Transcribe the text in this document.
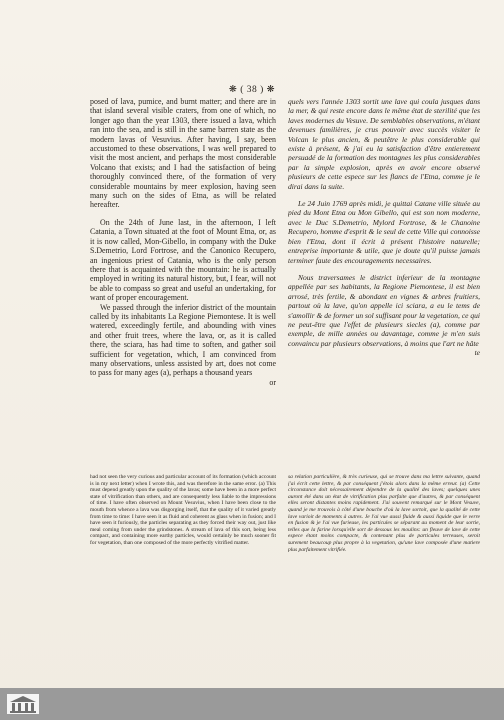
❋ ( 38 ) ❋

posed of lava, pumice, and burnt matter; and there are in that island several visible craters, from one of which, no longer ago than the year 1303, there issued a lava, which ran into the sea, and is still in the same barren state as the modern lavas of Vesuvius. After having, I say, been accustomed to these observations, I was well prepared to visit the most ancient, and perhaps the most considerable Volcano that exists; and I had the satisfaction of being thoroughly convinced there, of the formation of very considerable mountains by meer explosion, having seen many such on the sides of Etna, as will be related hereafter.

On the 24th of June last, in the afternoon, I left Catania, a Town situated at the foot of Mount Etna, or, as it is now called, Mon-Gibello, in company with the Duke S.Demetrio, Lord Fortrose, and the Canonico Recupero, an ingenious priest of Catania, who is the only person there that is acquainted with the mountain: he is actually employed in writing its natural history, but, I fear, will not be able to compass so great and useful an undertaking, for want of proper encouragement.

We passed through the inferior district of the mountain called by its inhabitants La Regione Piemontese. It is well watered, exceedingly fertile, and abounding with vines and other fruit trees, where the lava, or, as it is called there, the sciara, has had time to soften, and gather soil sufficient for vegetation, which, I am convinced from many observations, unless assisted by art, does not come to pass for many ages (a), perhaps a thousand years

or

quels vers l'année 1303 sortit une lave qui coula jusques dans la mer, & qui reste encore dans le même état de sterilité que les laves modernes du Vesuve. De semblables observations, m'étant devenues familières, je crus pouvoir avec succès visiter le Volcan le plus ancien, & peutêtre le plus considerable qui existe à présent, & j'ai eu la satisfaction d'être entierement persuadé de la formation des montagnes les plus considerables par la simple explosion, après en avoir encore observé plusieurs de cette espece sur les flancs de l'Etna, comme je le dirai dans la suite.

Le 24 Juin 1769 après midi, je quittai Catane ville située au pied du Mont Etna ou Mon Gibello, qui est son nom moderne, avec le Duc S.Demetrio, Mylord Fortrose, & le Chanoine Recupero, homme d'esprit & le seul de cette Ville qui connoisse bien l'Etna, dont il écrit à présent l'histoire naturelle; entreprise importante & utile, que je doute qu'il puisse jamais terminer faute des encouragements necessaires.

Nous traversames le district inferieur de la montagne appellée par ses habitants, la Regione Piemontese, il est bien arrosé, très fertile, & abondant en vignes & arbres fruitiers, partout où la lave, qu'on appelle ici sciara, a eu le tems de s'amollir & de former un sol suffisant pour la vegetation, ce qui ne peut-être que l'effet de plusieurs siecles (a), comme par exemple, de mille années ou davantage, comme je m'en suis convaincu par plusieurs observations, à moins que l'art ne hâte

te

had not seen the very curious and particular account of its formation (which account is in my next letter) when I wrote this, and was therefore in the same error. (a) This must depend greatly upon the quality of the lavas; some have been in a more perfect state of vitrification than others, and are consequently less liable to the impressions of time. I have often observed on Mount Vesuvius, when I have been close to the mouth from whence a lava was disgorging itself, that the quality of it varied greatly from time to time: I have seen it as fluid and coherent as glass when in fusion; and I have seen it furiously, the particles separating as they forced their way out, just like meal coming from under the grindstones. A stream of lava of this sort, being less compact, and containing more earthy particles, would certainly be much sooner fit for vegetation, than one composed of the more perfectly vitrified matter.

sa relation particulière, & très curieuse, qui se trouve dans ma lettre suivante, quand j'ai écrit cette lettre, & par conséquent j'étois alors dans la même erreur. (a) Cette circonstance doit nécessairement dépendre de la qualité des laves; quelques unes auront été dans un état de vitrification plus parfaite que d'autres, & par conséquent elles seront distantes moins rapidement. J'ai souvent remarqué sur le Mont Vesuve, quand je me trouvois à côté d'une bouche d'où la lave sortoit, que la qualité de cette lave varioit de moments à autres. Je l'ai vue aussi fluide & aussi liquide que le verre en fusion & je l'ai vue furieuse, les particules se séparant au moment de leur sortie, telles que la farine lorsqu'elle sort de dessous les moulins: un fleuve de lave de cette espece étant moins compacte, & contenant plus de particules terreuses, seroit surement beaucoup plus propre à la vegetation, qu'une lave composée d'une matiere plus parfaitement vitrifiée.
